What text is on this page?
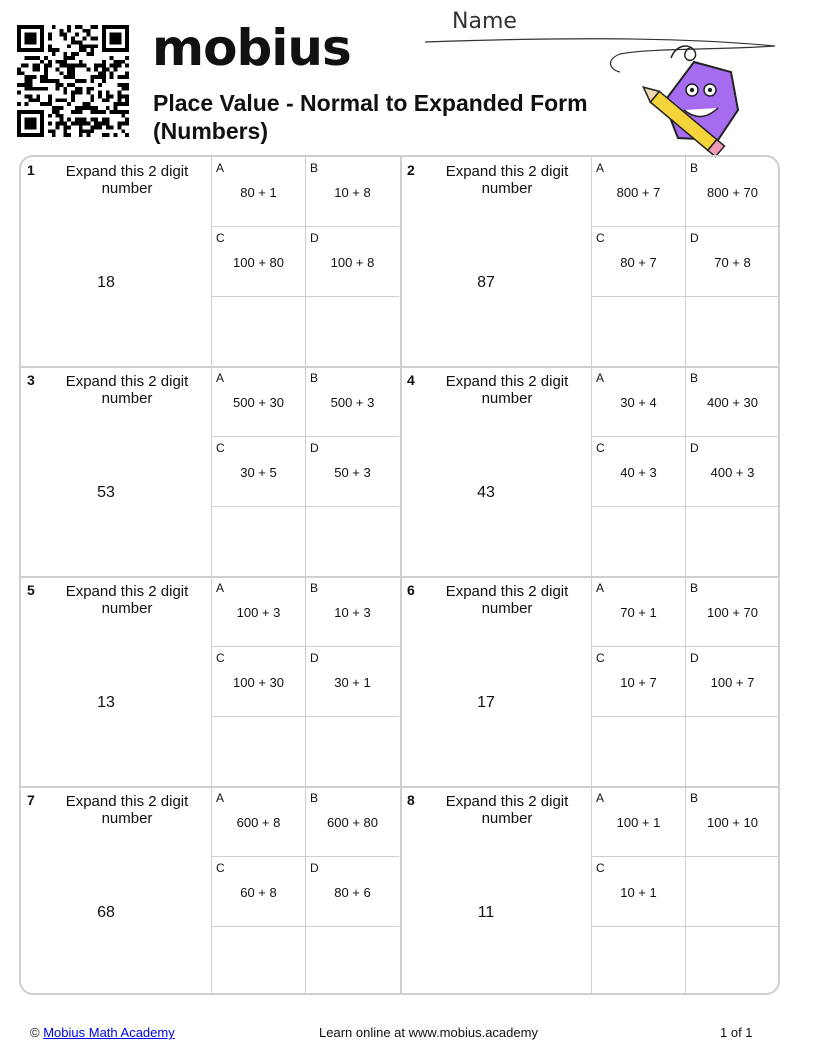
mobius
Place Value - Normal to Expanded Form (Numbers)
Name
1	Expand this 2 digit number
18
A
80 + 1
B
10 + 8
C
100 + 80
D
100 + 8
2	Expand this 2 digit number
87
A
800 + 7
B
800 + 70
C
80 + 7
D
70 + 8
3	Expand this 2 digit number
53
A
500 + 30
B
500 + 3
C
30 + 5
D
50 + 3
4	Expand this 2 digit number
43
A
30 + 4
B
400 + 30
C
40 + 3
D
400 + 3
5	Expand this 2 digit number
13
A
100 + 3
B
10 + 3
C
100 + 30
D
30 + 1
6	Expand this 2 digit number
17
A
70 + 1
B
100 + 70
C
10 + 7
D
100 + 7
7	Expand this 2 digit number
68
A
600 + 8
B
600 + 80
C
60 + 8
D
80 + 6
8	Expand this 2 digit number
11
A
100 + 1
B
100 + 10
C
10 + 1
© Mobius Math Academy	Learn online at www.mobius.academy	1 of 1
